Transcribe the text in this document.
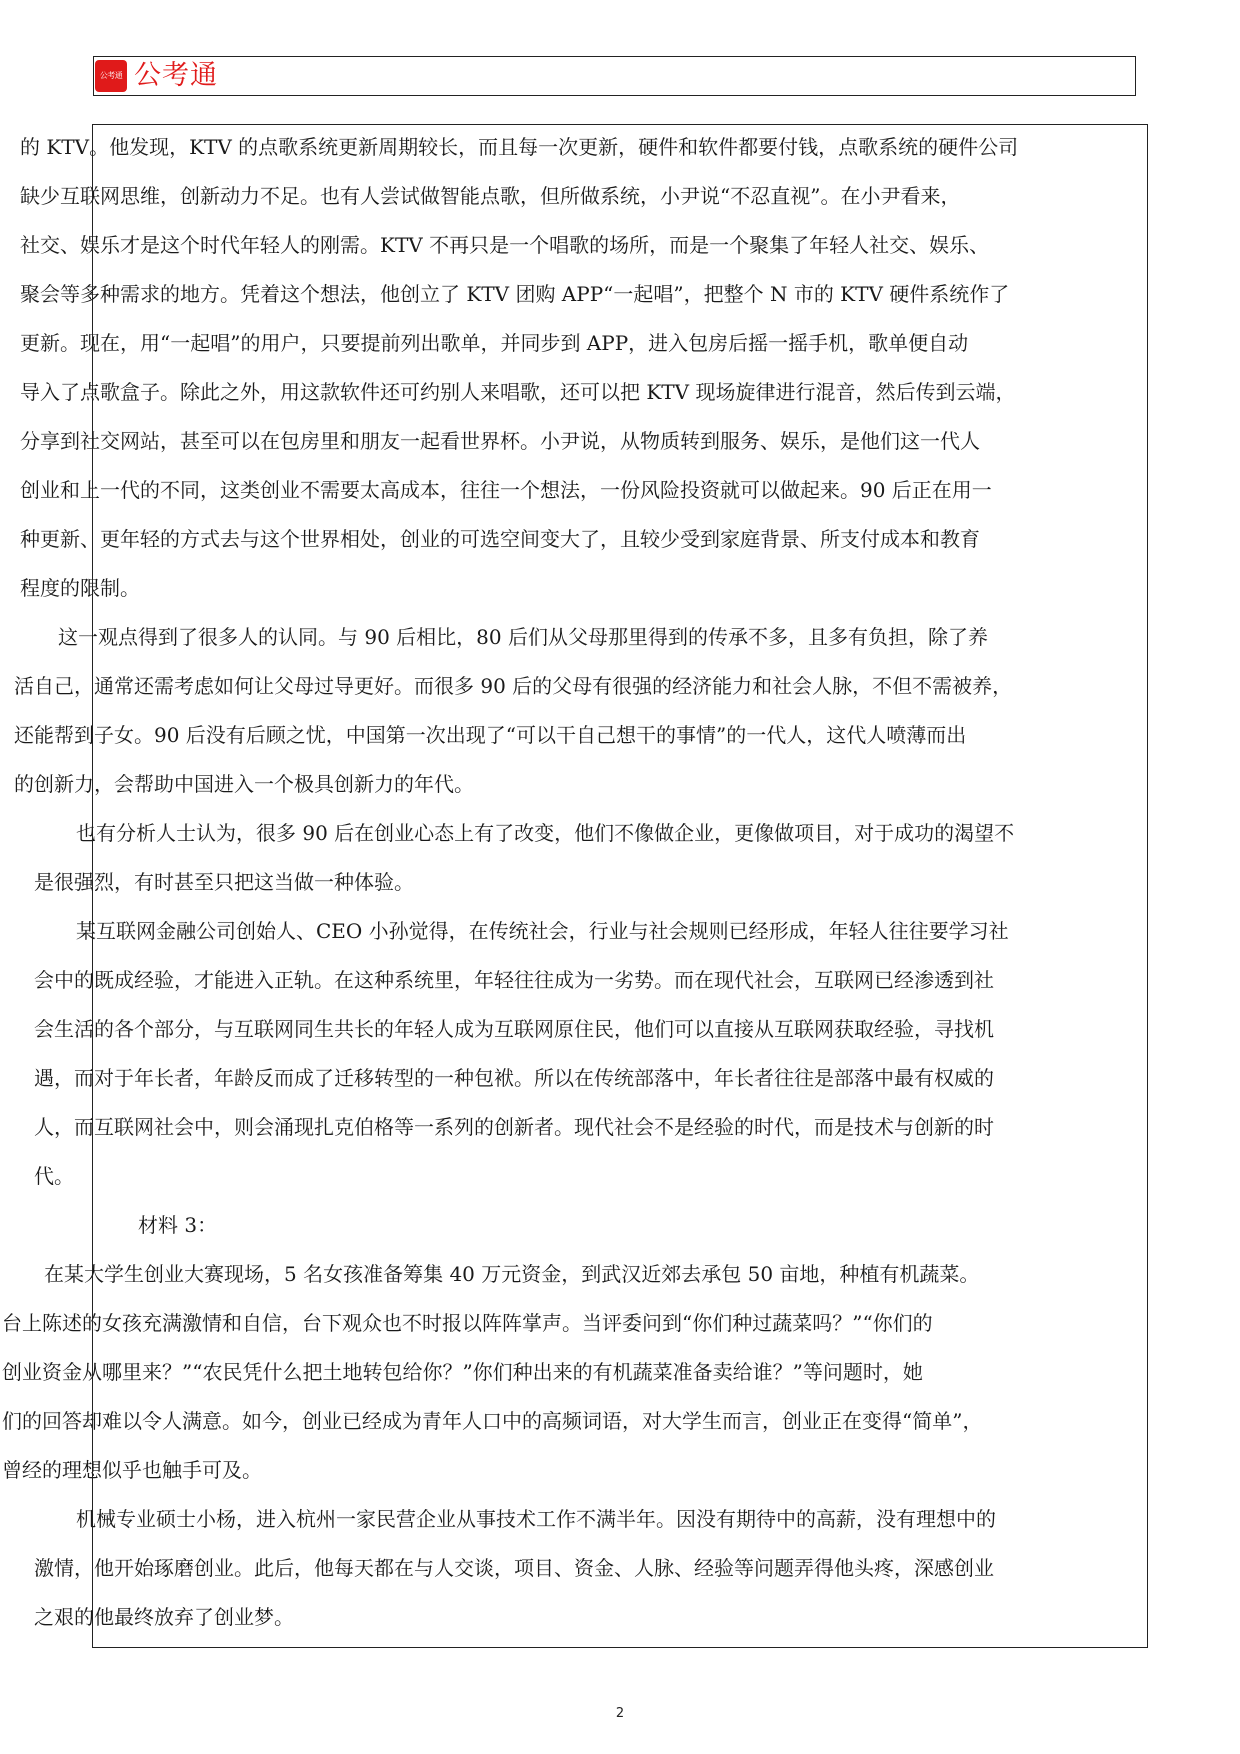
公考通 公考通
的 KTV。他发现，KTV 的点歌系统更新周期较长，而且每一次更新，硬件和软件都要付钱，点歌系统的硬件公司
缺少互联网思维，创新动力不足。也有人尝试做智能点歌，但所做系统，小尹说“不忍直视”。在小尹看来，
社交、娱乐才是这个时代年轻人的刚需。KTV 不再只是一个唱歌的场所，而是一个聚集了年轻人社交、娱乐、
聚会等多种需求的地方。凭着这个想法，他创立了 KTV 团购 APP“一起唱”，把整个 N 市的 KTV 硬件系统作了
更新。现在，用“一起唱”的用户，只要提前列出歌单，并同步到 APP，进入包房后摇一摇手机，歌单便自动
导入了点歌盒子。除此之外，用这款软件还可约别人来唱歌，还可以把 KTV 现场旋律进行混音，然后传到云端，
分享到社交网站，甚至可以在包房里和朋友一起看世界杯。小尹说，从物质转到服务、娱乐，是他们这一代人
创业和上一代的不同，这类创业不需要太高成本，往往一个想法，一份风险投资就可以做起来。90 后正在用一
种更新、更年轻的方式去与这个世界相处，创业的可选空间变大了，且较少受到家庭背景、所支付成本和教育
程度的限制。
这一观点得到了很多人的认同。与 90 后相比，80 后们从父母那里得到的传承不多，且多有负担，除了养
活自己，通常还需考虑如何让父母过导更好。而很多 90 后的父母有很强的经济能力和社会人脉，不但不需被养，
还能帮到子女。90 后没有后顾之忧，中国第一次出现了“可以干自己想干的事情”的一代人，这代人喷薄而出
的创新力，会帮助中国进入一个极具创新力的年代。
也有分析人士认为，很多 90 后在创业心态上有了改变，他们不像做企业，更像做项目，对于成功的渴望不
是很强烈，有时甚至只把这当做一种体验。
某互联网金融公司创始人、CEO 小孙觉得，在传统社会，行业与社会规则已经形成，年轻人往往要学习社
会中的既成经验，才能进入正轨。在这种系统里，年轻往往成为一劣势。而在现代社会，互联网已经渗透到社
会生活的各个部分，与互联网同生共长的年轻人成为互联网原住民，他们可以直接从互联网获取经验，寻找机
遇，而对于年长者，年龄反而成了迁移转型的一种包袱。所以在传统部落中，年长者往往是部落中最有权威的
人，而互联网社会中，则会涌现扎克伯格等一系列的创新者。现代社会不是经验的时代，而是技术与创新的时
代。
材料 3：
在某大学生创业大赛现场，5 名女孩准备筹集 40 万元资金，到武汉近郊去承包 50 亩地，种植有机蔬菜。
台上陈述的女孩充满激情和自信，台下观众也不时报以阵阵掌声。当评委问到“你们种过蔬菜吗？”“你们的
创业资金从哪里来？”“农民凭什么把土地转包给你？”你们种出来的有机蔬菜准备卖给谁？”等问题时，她
们的回答却难以令人满意。如今，创业已经成为青年人口中的高频词语，对大学生而言，创业正在变得“简单”，
曾经的理想似乎也触手可及。
机械专业硕士小杨，进入杭州一家民营企业从事技术工作不满半年。因没有期待中的高薪，没有理想中的
激情，他开始琢磨创业。此后，他每天都在与人交谈，项目、资金、人脉、经验等问题弄得他头疼，深感创业
之艰的他最终放弃了创业梦。
2
